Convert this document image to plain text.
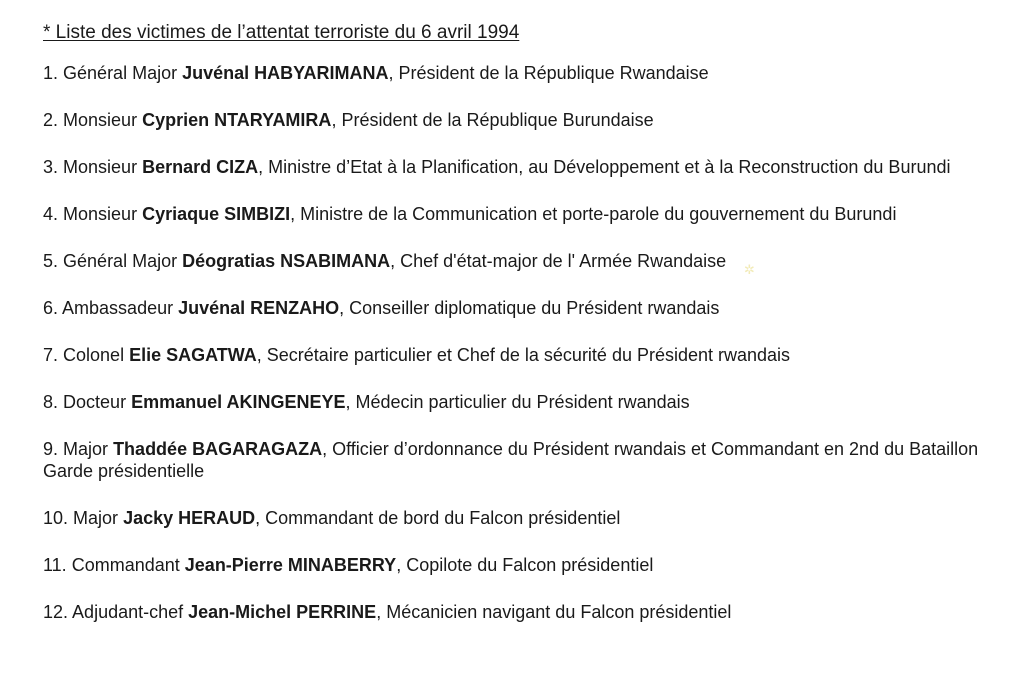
* Liste des victimes de l’attentat terroriste du 6 avril 1994
1. Général Major Juvénal HABYARIMANA, Président de la République Rwandaise
2. Monsieur Cyprien NTARYAMIRA, Président de la République Burundaise
3. Monsieur Bernard CIZA, Ministre d’Etat à la Planification, au Développement et à la Reconstruction du Burundi
4. Monsieur Cyriaque SIMBIZI, Ministre de la Communication et porte-parole du gouvernement du Burundi
5. Général Major Déogratias NSABIMANA, Chef d'état-major de l' Armée Rwandaise
6. Ambassadeur Juvénal RENZAHO, Conseiller diplomatique du Président rwandais
7. Colonel Elie SAGATWA, Secrétaire particulier et Chef de la sécurité du Président rwandais
8. Docteur Emmanuel AKINGENEYE, Médecin particulier du Président rwandais
9. Major Thaddée BAGARAGAZA, Officier d’ordonnance du Président rwandais et Commandant en 2nd du Bataillon Garde présidentielle
10. Major Jacky HERAUD, Commandant de bord du Falcon présidentiel
11. Commandant Jean-Pierre MINABERRY, Copilote du Falcon présidentiel
12. Adjudant-chef Jean-Michel PERRINE, Mécanicien navigant du Falcon présidentiel
✲
